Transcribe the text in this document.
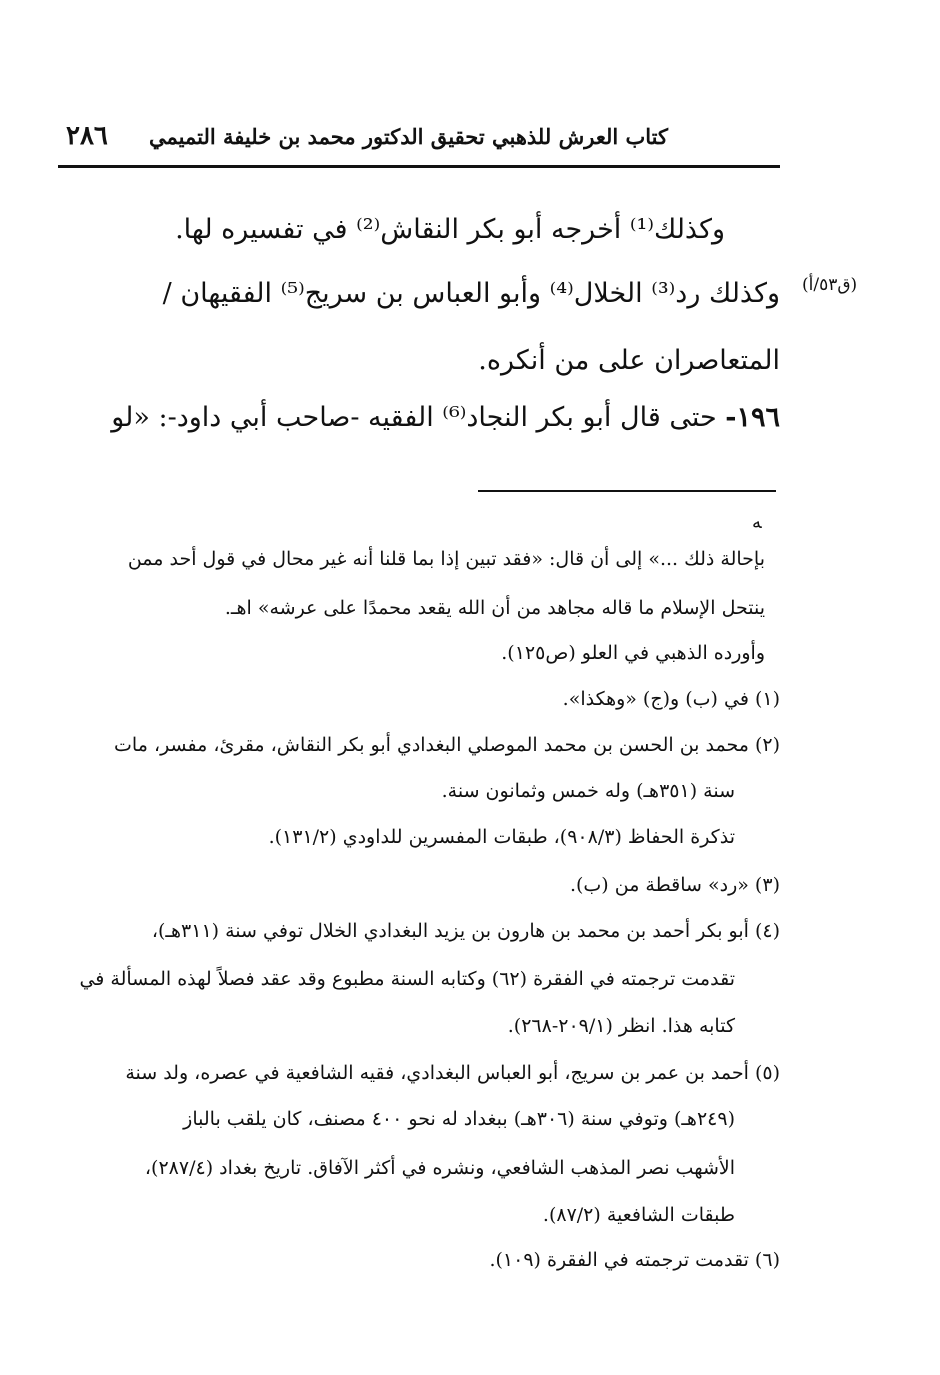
كتاب العرش للذهبي تحقيق الدكتور محمد بن خليفة التميمي
٢٨٦
(ق٥٣/أ)
وكذلك⁽¹⁾ أخرجه أبو بكر النقاش⁽²⁾ في تفسيره لها.
وكذلك رد⁽³⁾ الخلال⁽⁴⁾ وأبو العباس بن سريج⁽⁵⁾ الفقيهان /
المتعاصران على من أنكره.
١٩٦- حتى قال أبو بكر النجاد⁽⁶⁾ الفقيه -صاحب أبي داود-: «لو
ﻪ
بإحالة ذلك ...» إلى أن قال: «فقد تبين إذا بما قلنا أنه غير محال في قول أحد ممن
ينتحل الإسلام ما قاله مجاهد من أن الله يقعد محمدًا على عرشه» اهـ.
وأورده الذهبي في العلو (ص١٢٥).
(١) في (ب) و(ج) «وهكذا».
(٢) محمد بن الحسن بن محمد الموصلي البغدادي أبو بكر النقاش، مقرئ، مفسر، مات
سنة (٣٥١هـ) وله خمس وثمانون سنة.
تذكرة الحفاظ (٩٠٨/٣)، طبقات المفسرين للداودي (١٣١/٢).
(٣) «رد» ساقطة من (ب).
(٤) أبو بكر أحمد بن محمد بن هارون بن يزيد البغدادي الخلال توفي سنة (٣١١هـ)،
تقدمت ترجمته في الفقرة (٦٢) وكتابه السنة مطبوع وقد عقد فصلاً لهذه المسألة في
كتابه هذا. انظر (٢٠٩/١-٢٦٨).
(٥) أحمد بن عمر بن سريج، أبو العباس البغدادي، فقيه الشافعية في عصره، ولد سنة
(٢٤٩هـ) وتوفي سنة (٣٠٦هـ) ببغداد له نحو ٤٠٠ مصنف، كان يلقب بالباز
الأشهب نصر المذهب الشافعي، ونشره في أكثر الآفاق. تاريخ بغداد (٢٨٧/٤)،
طبقات الشافعية (٨٧/٢).
(٦) تقدمت ترجمته في الفقرة (١٠٩).
